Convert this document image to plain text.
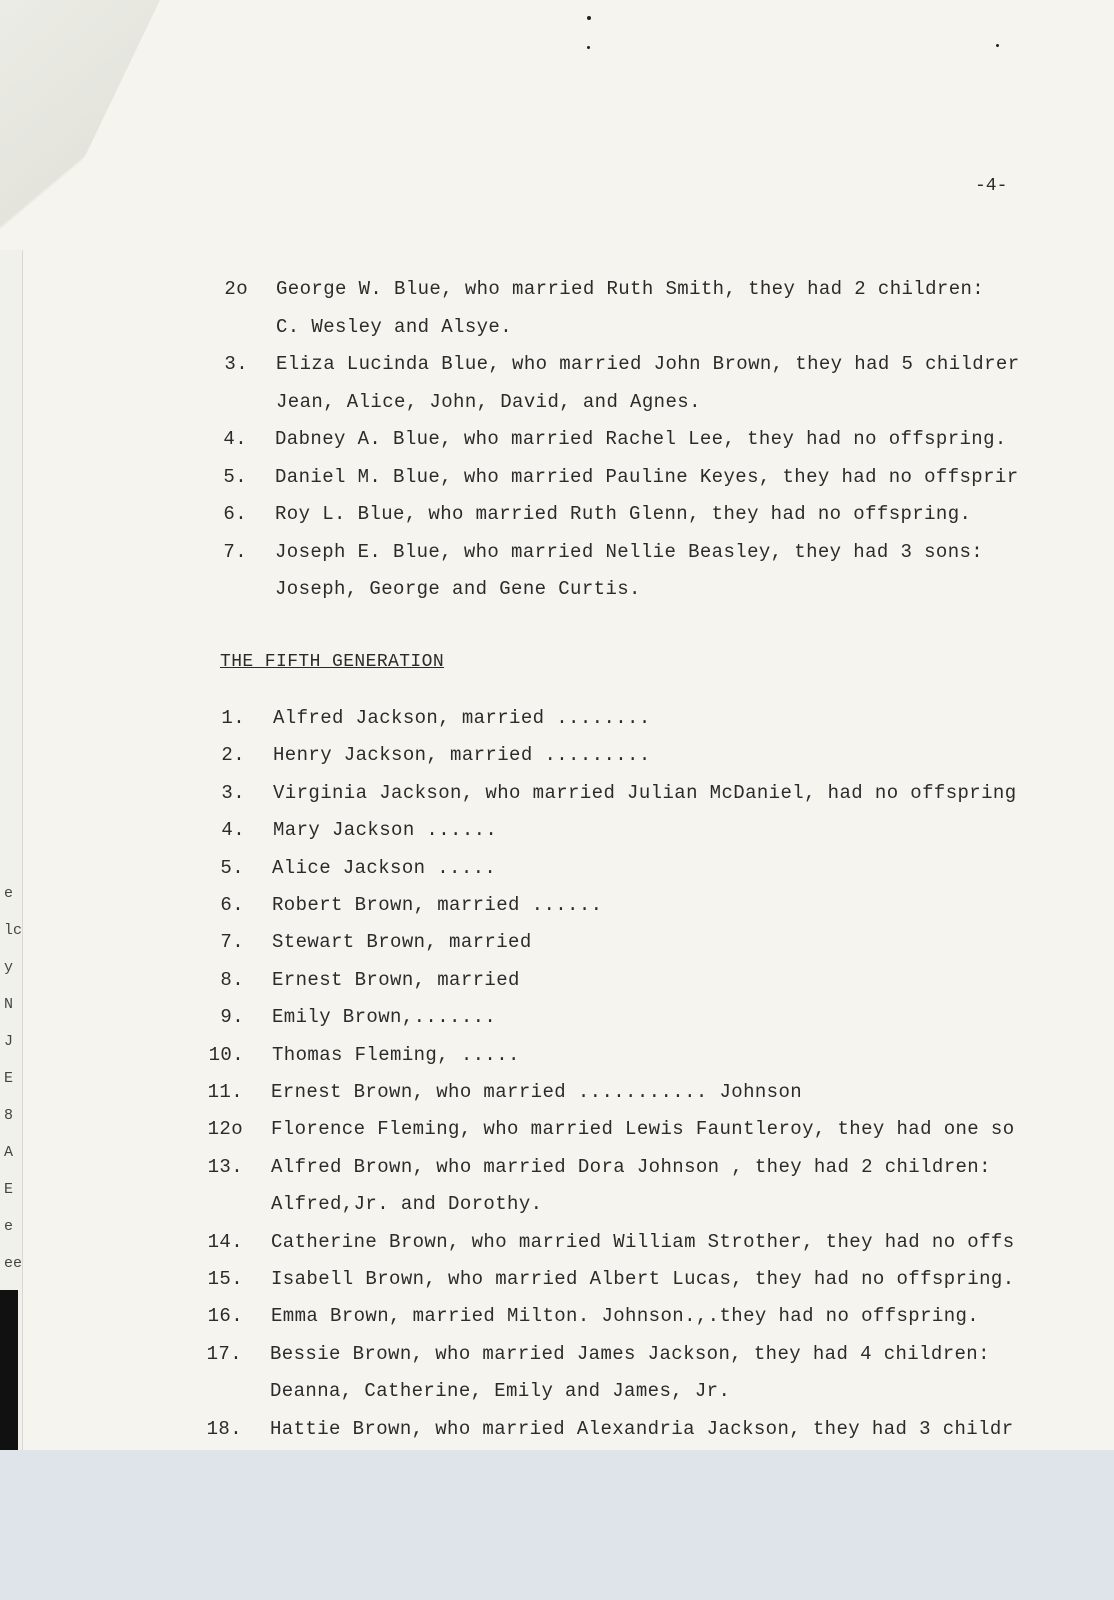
e
lc
y
N
J
E
8
A
E
e
ee
-4-
2o George W. Blue, who married Ruth Smith, they had 2 children:
C. Wesley and Alsye.
3. Eliza Lucinda Blue, who married John Brown, they had 5 childrer
Jean, Alice, John, David, and Agnes.
4. Dabney A. Blue, who married Rachel Lee, they had no offspring.
5. Daniel M. Blue, who married Pauline Keyes, they had no offsprir
6. Roy L. Blue, who married Ruth Glenn, they had no offspring.
7. Joseph E. Blue, who married Nellie Beasley, they had 3 sons:
Joseph, George and Gene Curtis.
THE FIFTH GENERATION
1. Alfred Jackson, married ........
2. Henry Jackson, married .........
3. Virginia Jackson, who married Julian McDaniel, had no offspring
4. Mary Jackson ......
5. Alice Jackson .....
6. Robert Brown, married ......
7. Stewart Brown, married
8. Ernest Brown, married
9. Emily Brown,.......
10. Thomas Fleming, .....
11. Ernest Brown, who married ........... Johnson
12o Florence Fleming, who married Lewis Fauntleroy, they had one so
13. Alfred Brown, who married Dora Johnson , they had 2 children:
Alfred,Jr. and Dorothy.
14. Catherine Brown, who married William Strother, they had no offs
15. Isabell Brown, who married Albert Lucas, they had no offspring.
16. Emma Brown, married Milton. Johnson.,.they had no offspring.
17. Bessie Brown, who married James Jackson, they had 4 children:
Deanna, Catherine, Emily and James, Jr.
18. Hattie Brown, who married Alexandria Jackson, they had 3 childr
